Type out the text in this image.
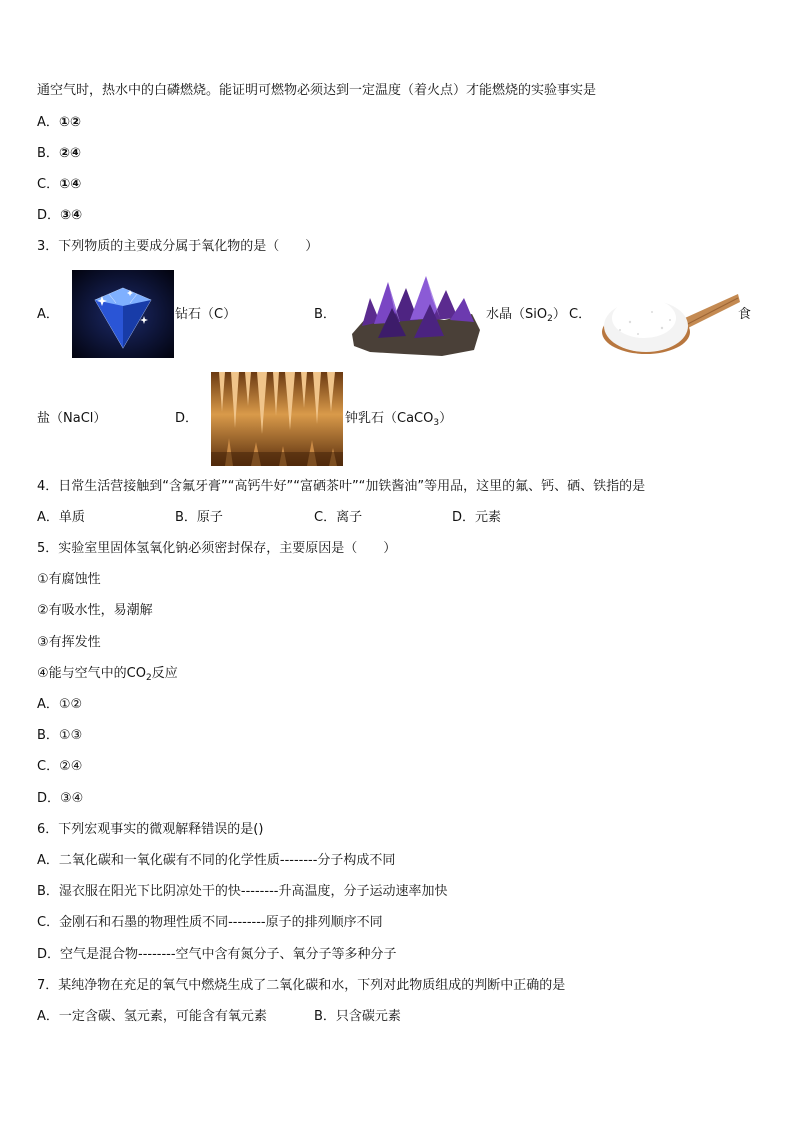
通空气时，热水中的白磷燃烧。能证明可燃物必须达到一定温度（着火点）才能燃烧的实验事实是
A．①②
B．②④
C．①④
D．③④
3．下列物质的主要成分属于氧化物的是（　　）
A．	钻石（C）	B．	水晶（SiO$_2$） C．	食
盐（NaCl）	D．	钟乳石（CaCO$_3$）
4．日常生活营接触到“含氟牙膏”“高钙牛好”“富硒茶叶”“加铁酱油”等用品，这里的氟、钙、硒、铁指的是
A．单质	B．原子	C．离子	D．元素
5．实验室里固体氢氧化钠必须密封保存，主要原因是（　　）
①有腐蚀性
②有吸水性，易潮解
③有挥发性
④能与空气中的$CO_2$反应
A．①②
B．①③
C．②④
D．③④
6．下列宏观事实的微观解释错误的是()
A．二氧化碳和一氧化碳有不同的化学性质--------分子构成不同
B．湿衣服在阳光下比阴凉处干的快--------升高温度，分子运动速率加快
C．金刚石和石墨的物理性质不同--------原子的排列顺序不同
D．空气是混合物--------空气中含有氮分子、氧分子等多种分子
7．某纯净物在充足的氧气中燃烧生成了二氧化碳和水，下列对此物质组成的判断中正确的是
A．一定含碳、氢元素，可能含有氧元素	B．只含碳元素
